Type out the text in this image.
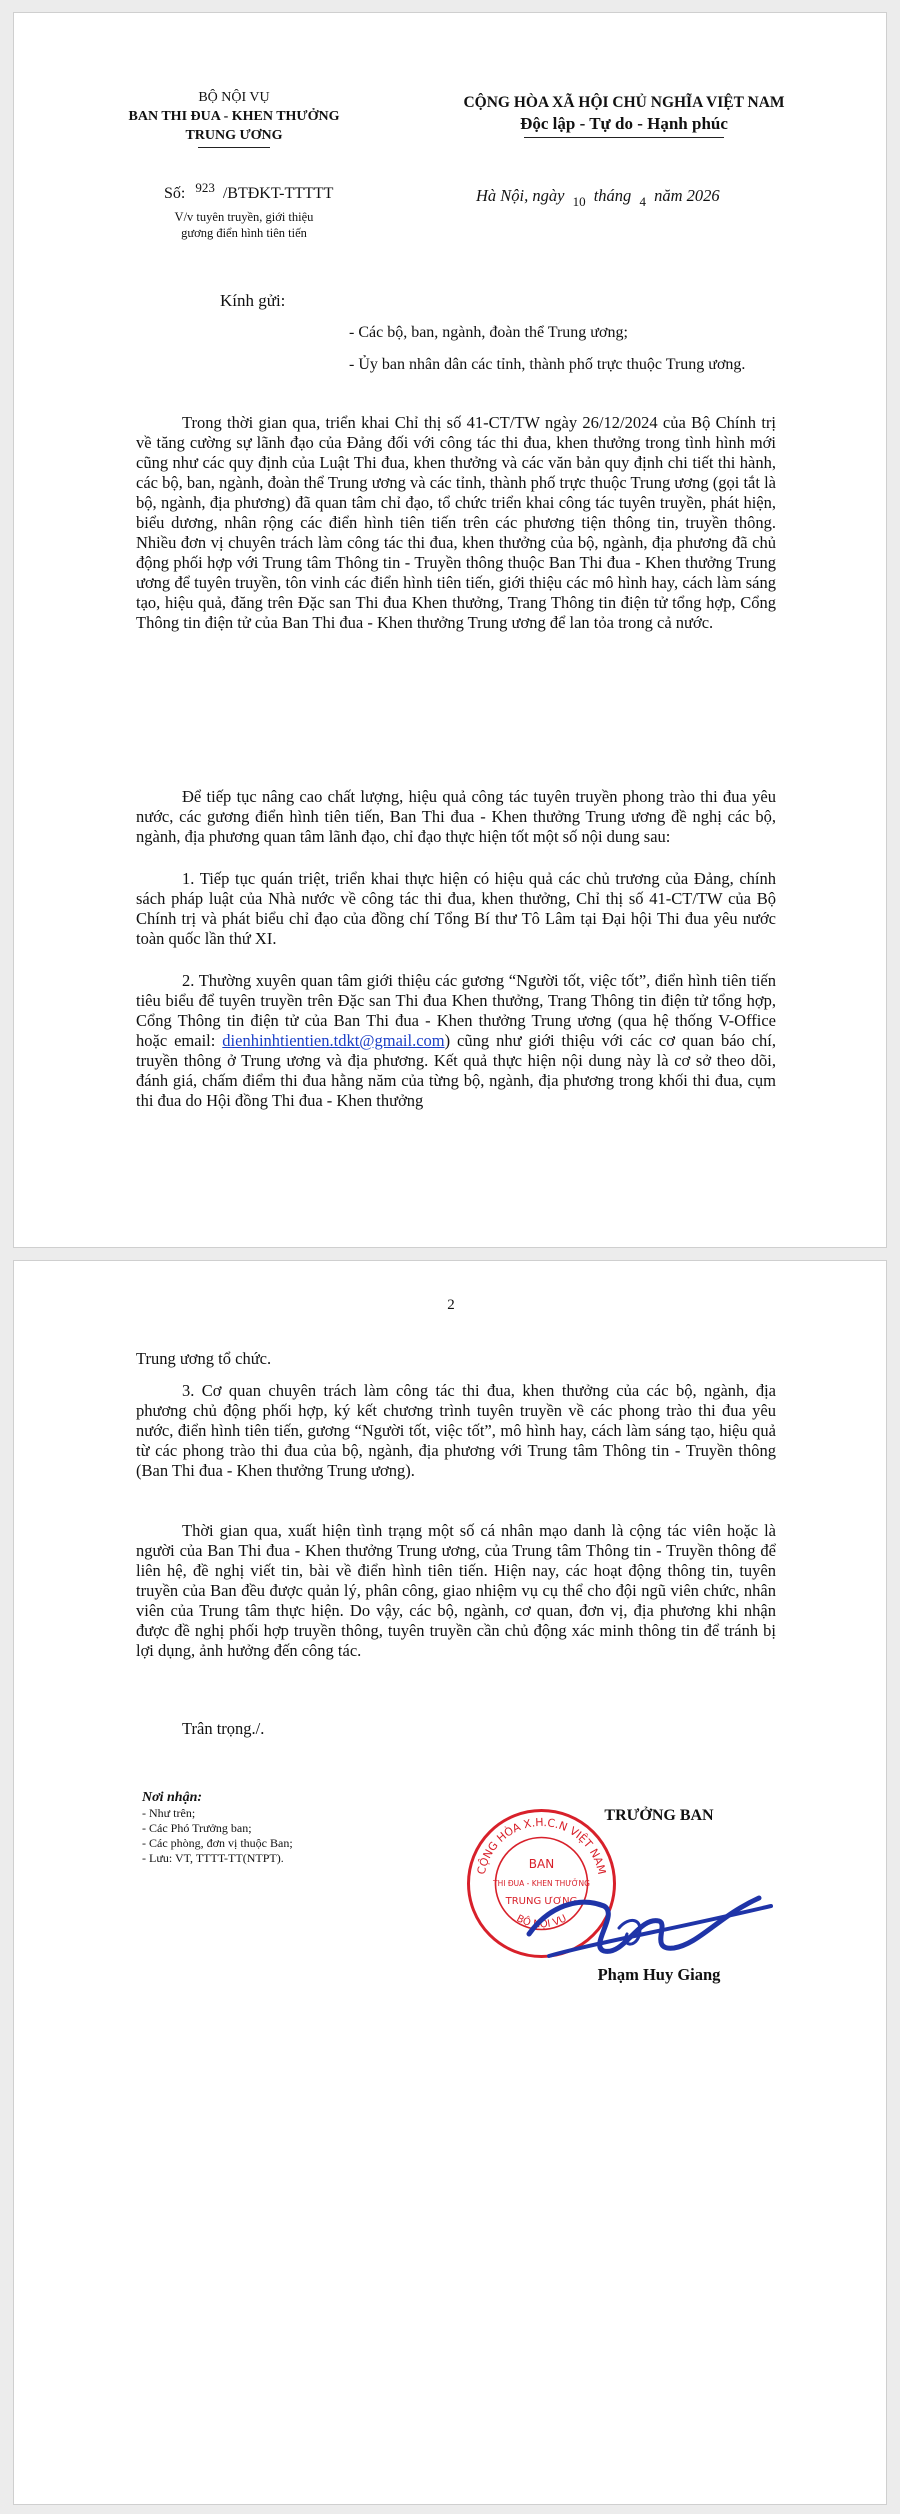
BỘ NỘI VỤ
BAN THI ĐUA - KHEN THƯỞNG
TRUNG ƯƠNG
CỘNG HÒA XÃ HỘI CHỦ NGHĨA VIỆT NAM
Độc lập - Tự do - Hạnh phúc
Số: $^{923}$ /BTĐKT-TTTTT
V/v tuyên truyền, giới thiệu
gương điển hình tiên tiến
Hà Nội, ngày $_{10}$ tháng $_4$ năm 2026
Kính gửi:
- Các bộ, ban, ngành, đoàn thể Trung ương;
- Ủy ban nhân dân các tỉnh, thành phố trực thuộc Trung ương.
Trong thời gian qua, triển khai Chỉ thị số 41-CT/TW ngày 26/12/2024 của Bộ Chính trị về tăng cường sự lãnh đạo của Đảng đối với công tác thi đua, khen thưởng trong tình hình mới cũng như các quy định của Luật Thi đua, khen thưởng và các văn bản quy định chi tiết thi hành, các bộ, ban, ngành, đoàn thể Trung ương và các tỉnh, thành phố trực thuộc Trung ương (gọi tắt là bộ, ngành, địa phương) đã quan tâm chỉ đạo, tổ chức triển khai công tác tuyên truyền, phát hiện, biểu dương, nhân rộng các điển hình tiên tiến trên các phương tiện thông tin, truyền thông. Nhiều đơn vị chuyên trách làm công tác thi đua, khen thưởng của bộ, ngành, địa phương đã chủ động phối hợp với Trung tâm Thông tin - Truyền thông thuộc Ban Thi đua - Khen thưởng Trung ương để tuyên truyền, tôn vinh các điển hình tiên tiến, giới thiệu các mô hình hay, cách làm sáng tạo, hiệu quả, đăng trên Đặc san Thi đua Khen thưởng, Trang Thông tin điện tử tổng hợp, Cổng Thông tin điện tử của Ban Thi đua - Khen thưởng Trung ương để lan tỏa trong cả nước.
Để tiếp tục nâng cao chất lượng, hiệu quả công tác tuyên truyền phong trào thi đua yêu nước, các gương điển hình tiên tiến, Ban Thi đua - Khen thưởng Trung ương đề nghị các bộ, ngành, địa phương quan tâm lãnh đạo, chỉ đạo thực hiện tốt một số nội dung sau:
1. Tiếp tục quán triệt, triển khai thực hiện có hiệu quả các chủ trương của Đảng, chính sách pháp luật của Nhà nước về công tác thi đua, khen thưởng, Chỉ thị số 41-CT/TW của Bộ Chính trị và phát biểu chỉ đạo của đồng chí Tổng Bí thư Tô Lâm tại Đại hội Thi đua yêu nước toàn quốc lần thứ XI.
2. Thường xuyên quan tâm giới thiệu các gương “Người tốt, việc tốt”, điển hình tiên tiến tiêu biểu để tuyên truyền trên Đặc san Thi đua Khen thưởng, Trang Thông tin điện tử tổng hợp, Cổng Thông tin điện tử của Ban Thi đua - Khen thưởng Trung ương (qua hệ thống V-Office hoặc email: dienhinhtientien.tdkt@gmail.com) cũng như giới thiệu với các cơ quan báo chí, truyền thông ở Trung ương và địa phương. Kết quả thực hiện nội dung này là cơ sở theo dõi, đánh giá, chấm điểm thi đua hằng năm của từng bộ, ngành, địa phương trong khối thi đua, cụm thi đua do Hội đồng Thi đua - Khen thưởng
2
Trung ương tổ chức.
3. Cơ quan chuyên trách làm công tác thi đua, khen thưởng của các bộ, ngành, địa phương chủ động phối hợp, ký kết chương trình tuyên truyền về các phong trào thi đua yêu nước, điển hình tiên tiến, gương “Người tốt, việc tốt”, mô hình hay, cách làm sáng tạo, hiệu quả từ các phong trào thi đua của bộ, ngành, địa phương với Trung tâm Thông tin - Truyền thông (Ban Thi đua - Khen thưởng Trung ương).
Thời gian qua, xuất hiện tình trạng một số cá nhân mạo danh là cộng tác viên hoặc là người của Ban Thi đua - Khen thưởng Trung ương, của Trung tâm Thông tin - Truyền thông để liên hệ, đề nghị viết tin, bài về điển hình tiên tiến. Hiện nay, các hoạt động thông tin, tuyên truyền của Ban đều được quản lý, phân công, giao nhiệm vụ cụ thể cho đội ngũ viên chức, nhân viên của Trung tâm thực hiện. Do vậy, các bộ, ngành, cơ quan, đơn vị, địa phương khi nhận được đề nghị phối hợp truyền thông, tuyên truyền cần chủ động xác minh thông tin để tránh bị lợi dụng, ảnh hưởng đến công tác.
Trân trọng./.
Nơi nhận:
- Như trên;
- Các Phó Trưởng ban;
- Các phòng, đơn vị thuộc Ban;
- Lưu: VT, TTTT-TT(NTPT).
CỘNG HÒA X.H.C.N VIỆT NAM
BỘ NỘI VỤ
BAN
THI ĐUA - KHEN THƯỞNG
TRUNG ƯƠNG
TRƯỞNG BAN
Phạm Huy Giang
